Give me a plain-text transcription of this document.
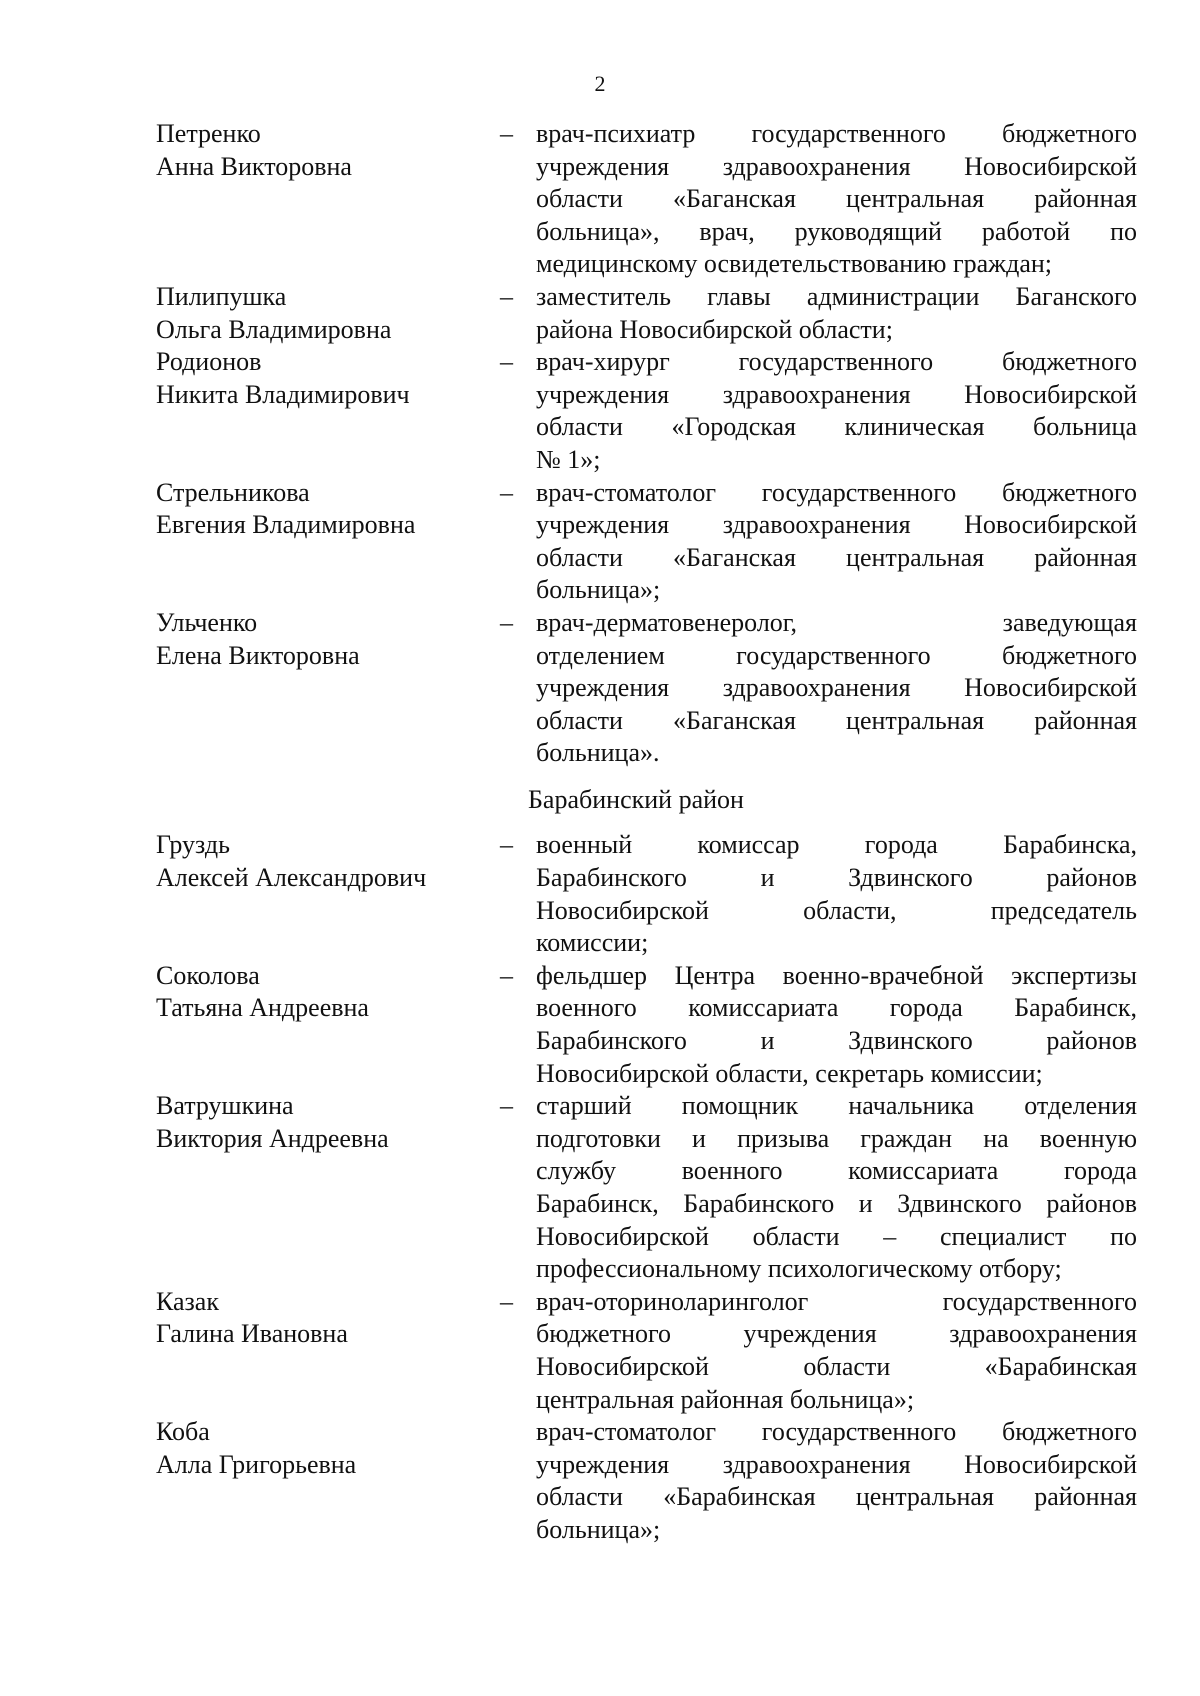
2
Петренко
Анна Викторовна
– врач-психиатр государственного бюджетного
учреждения здравоохранения Новосибирской
области «Баганская центральная районная
больница», врач, руководящий работой по
медицинскому освидетельствованию граждан;
Пилипушка
Ольга Владимировна
– заместитель главы администрации Баганского
района Новосибирской области;
Родионов
Никита Владимирович
– врач-хирург государственного бюджетного
учреждения здравоохранения Новосибирской
области «Городская клиническая больница
№ 1»;
Стрельникова
Евгения Владимировна
– врач-стоматолог государственного бюджетного
учреждения здравоохранения Новосибирской
области «Баганская центральная районная
больница»;
Ульченко
Елена Викторовна
– врач-дерматовенеролог, заведующая
отделением государственного бюджетного
учреждения здравоохранения Новосибирской
области «Баганская центральная районная
больница».
Барабинский район
Груздь
Алексей Александрович
– военный комиссар города Барабинска,
Барабинского и Здвинского районов
Новосибирской области, председатель
комиссии;
Соколова
Татьяна Андреевна
– фельдшер Центра военно-врачебной экспертизы
военного комиссариата города Барабинск,
Барабинского и Здвинского районов
Новосибирской области, секретарь комиссии;
Ватрушкина
Виктория Андреевна
– старший помощник начальника отделения
подготовки и призыва граждан на военную
службу военного комиссариата города
Барабинск, Барабинского и Здвинского районов
Новосибирской области – специалист по
профессиональному психологическому отбору;
Казак
Галина Ивановна
– врач-оториноларинголог государственного
бюджетного учреждения здравоохранения
Новосибирской области «Барабинская
центральная районная больница»;
Коба
Алла Григорьевна
врач-стоматолог государственного бюджетного
учреждения здравоохранения Новосибирской
области «Барабинская центральная районная
больница»;
